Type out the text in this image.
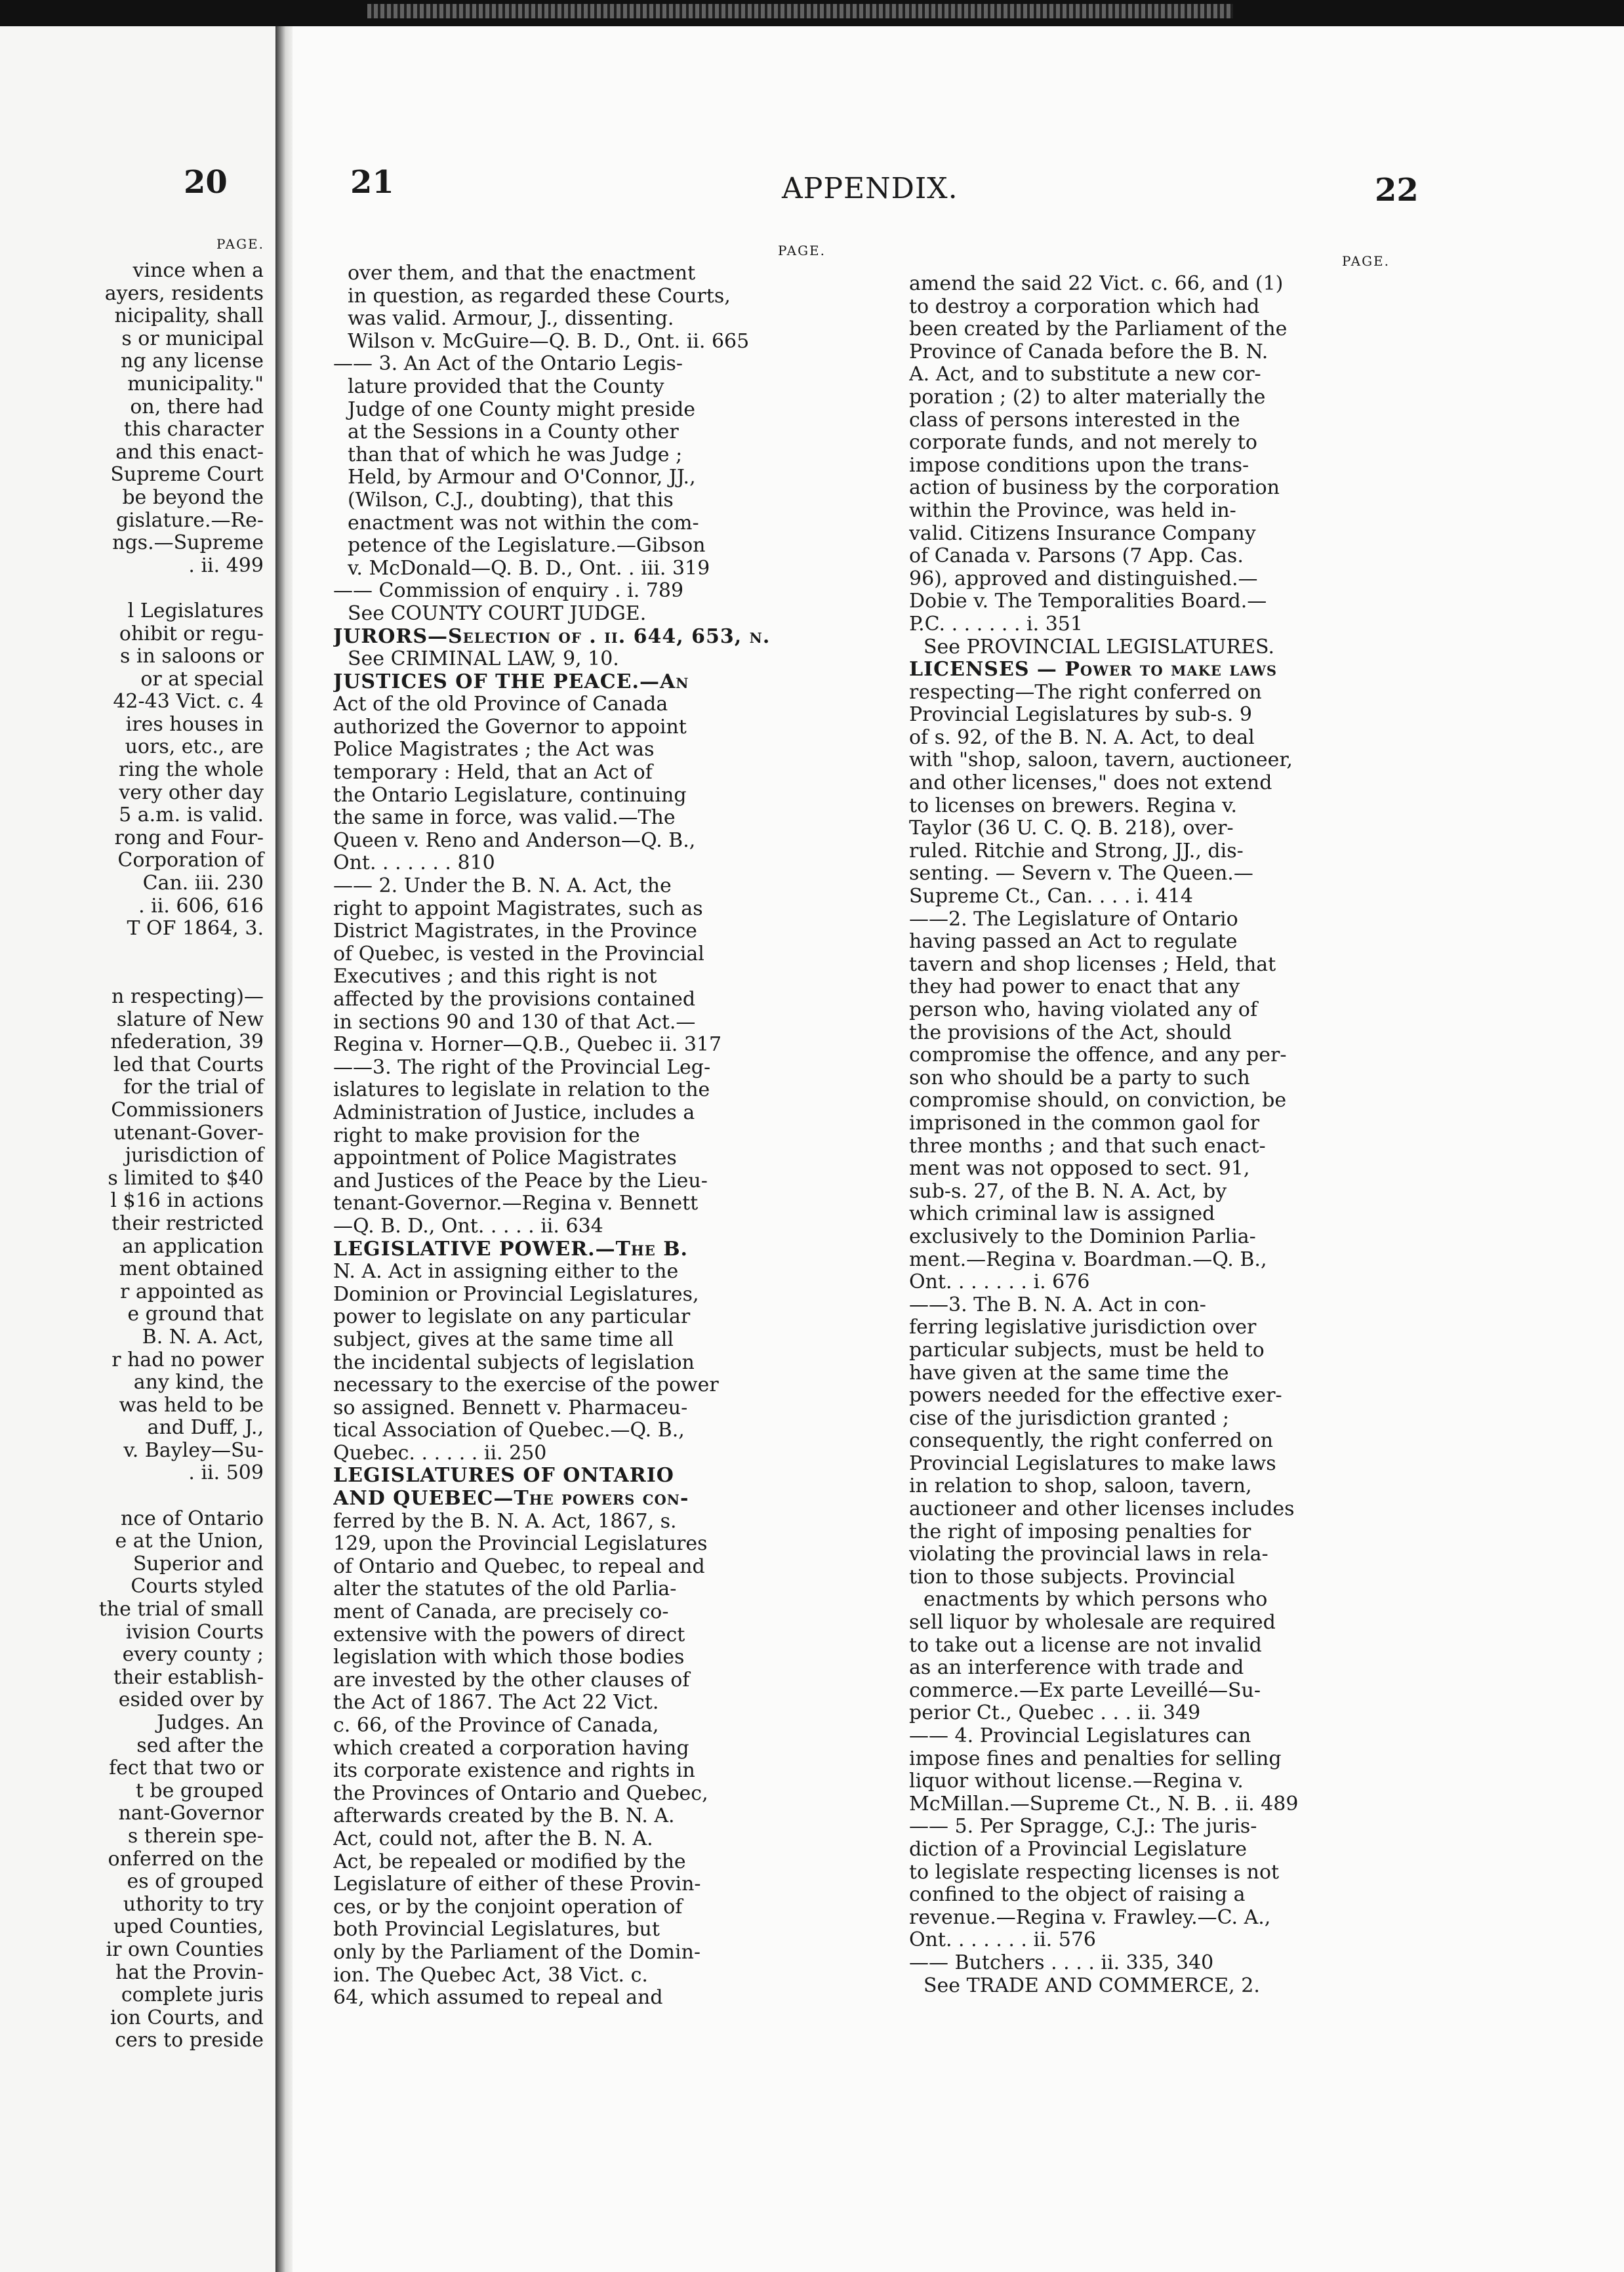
20
PAGE.
vince when a
ayers, residents
nicipality, shall
s or municipal
ng any license
municipality."
on, there had
this character
and this enact-
Supreme Court
be beyond the
gislature.—Re-
ngs.—Supreme
. ii. 499
l Legislatures
ohibit or regu-
s in saloons or
or at special
42-43 Vict. c. 4
ires houses in
uors, etc., are
ring the whole
very other day
5 a.m. is valid.
rong and Four-
Corporation of
Can. iii. 230
. ii. 606, 616
T OF 1864, 3.
n respecting)—
slature of New
nfederation, 39
led that Courts
for the trial of
Commissioners
utenant-Gover-
jurisdiction of
s limited to $40
l $16 in actions
their restricted
an application
ment obtained
r appointed as
e ground that
B. N. A. Act,
r had no power
any kind, the
was held to be
and Duff, J.,
v. Bayley—Su-
. ii. 509
nce of Ontario
e at the Union,
Superior and
Courts styled
the trial of small
ivision Courts
every county ;
their establish-
esided over by
Judges. An
sed after the
fect that two or
t be grouped
nant-Governor
s therein spe-
onferred on the
es of grouped
uthority to try
uped Counties,
ir own Counties
hat the Provin-
complete juris
ion Courts, and
cers to preside
21	APPENDIX.	22
PAGE.
PAGE.
over them, and that the enactment
in question, as regarded these Courts,
was valid. Armour, J., dissenting.
Wilson v. McGuire—Q. B. D., Ont. ii. 665
—— 3. An Act of the Ontario Legis-
lature provided that the County
Judge of one County might preside
at the Sessions in a County other
than that of which he was Judge ;
Held, by Armour and O'Connor, JJ.,
(Wilson, C.J., doubting), that this
enactment was not within the com-
petence of the Legislature.—Gibson
v. McDonald—Q. B. D., Ont. . iii. 319
—— Commission of enquiry . i. 789
See COUNTY COURT JUDGE.
JURORS—Selection of . ii. 644, 653, n.
See CRIMINAL LAW, 9, 10.
JUSTICES OF THE PEACE.—An
Act of the old Province of Canada
authorized the Governor to appoint
Police Magistrates ; the Act was
temporary : Held, that an Act of
the Ontario Legislature, continuing
the same in force, was valid.—The
Queen v. Reno and Anderson—Q. B.,
Ont. . . . . . . 810
—— 2. Under the B. N. A. Act, the
right to appoint Magistrates, such as
District Magistrates, in the Province
of Quebec, is vested in the Provincial
Executives ; and this right is not
affected by the provisions contained
in sections 90 and 130 of that Act.—
Regina v. Horner—Q.B., Quebec ii. 317
——3. The right of the Provincial Leg-
islatures to legislate in relation to the
Administration of Justice, includes a
right to make provision for the
appointment of Police Magistrates
and Justices of the Peace by the Lieu-
tenant-Governor.—Regina v. Bennett
—Q. B. D., Ont. . . . . ii. 634
LEGISLATIVE POWER.—The B.
N. A. Act in assigning either to the
Dominion or Provincial Legislatures,
power to legislate on any particular
subject, gives at the same time all
the incidental subjects of legislation
necessary to the exercise of the power
so assigned. Bennett v. Pharmaceu-
tical Association of Quebec.—Q. B.,
Quebec. . . . . . ii. 250
LEGISLATURES OF ONTARIO
AND QUEBEC—The powers con-
ferred by the B. N. A. Act, 1867, s.
129, upon the Provincial Legislatures
of Ontario and Quebec, to repeal and
alter the statutes of the old Parlia-
ment of Canada, are precisely co-
extensive with the powers of direct
legislation with which those bodies
are invested by the other clauses of
the Act of 1867. The Act 22 Vict.
c. 66, of the Province of Canada,
which created a corporation having
its corporate existence and rights in
the Provinces of Ontario and Quebec,
afterwards created by the B. N. A.
Act, could not, after the B. N. A.
Act, be repealed or modified by the
Legislature of either of these Provin-
ces, or by the conjoint operation of
both Provincial Legislatures, but
only by the Parliament of the Domin-
ion. The Quebec Act, 38 Vict. c.
64, which assumed to repeal and
amend the said 22 Vict. c. 66, and (1)
to destroy a corporation which had
been created by the Parliament of the
Province of Canada before the B. N.
A. Act, and to substitute a new cor-
poration ; (2) to alter materially the
class of persons interested in the
corporate funds, and not merely to
impose conditions upon the trans-
action of business by the corporation
within the Province, was held in-
valid. Citizens Insurance Company
of Canada v. Parsons (7 App. Cas.
96), approved and distinguished.—
Dobie v. The Temporalities Board.—
P.C. . . . . . . i. 351
See PROVINCIAL LEGISLATURES.
LICENSES — Power to make laws
respecting—The right conferred on
Provincial Legislatures by sub-s. 9
of s. 92, of the B. N. A. Act, to deal
with "shop, saloon, tavern, auctioneer,
and other licenses," does not extend
to licenses on brewers. Regina v.
Taylor (36 U. C. Q. B. 218), over-
ruled. Ritchie and Strong, JJ., dis-
senting. — Severn v. The Queen.—
Supreme Ct., Can. . . . i. 414
——2. The Legislature of Ontario
having passed an Act to regulate
tavern and shop licenses ; Held, that
they had power to enact that any
person who, having violated any of
the provisions of the Act, should
compromise the offence, and any per-
son who should be a party to such
compromise should, on conviction, be
imprisoned in the common gaol for
three months ; and that such enact-
ment was not opposed to sect. 91,
sub-s. 27, of the B. N. A. Act, by
which criminal law is assigned
exclusively to the Dominion Parlia-
ment.—Regina v. Boardman.—Q. B.,
Ont. . . . . . . i. 676
——3. The B. N. A. Act in con-
ferring legislative jurisdiction over
particular subjects, must be held to
have given at the same time the
powers needed for the effective exer-
cise of the jurisdiction granted ;
consequently, the right conferred on
Provincial Legislatures to make laws
in relation to shop, saloon, tavern,
auctioneer and other licenses includes
the right of imposing penalties for
violating the provincial laws in rela-
tion to those subjects. Provincial
enactments by which persons who
sell liquor by wholesale are required
to take out a license are not invalid
as an interference with trade and
commerce.—Ex parte Leveillé—Su-
perior Ct., Quebec . . . ii. 349
—— 4. Provincial Legislatures can
impose fines and penalties for selling
liquor without license.—Regina v.
McMillan.—Supreme Ct., N. B. . ii. 489
—— 5. Per Spragge, C.J.: The juris-
diction of a Provincial Legislature
to legislate respecting licenses is not
confined to the object of raising a
revenue.—Regina v. Frawley.—C. A.,
Ont. . . . . . . ii. 576
—— Butchers . . . . ii. 335, 340
See TRADE AND COMMERCE, 2.
